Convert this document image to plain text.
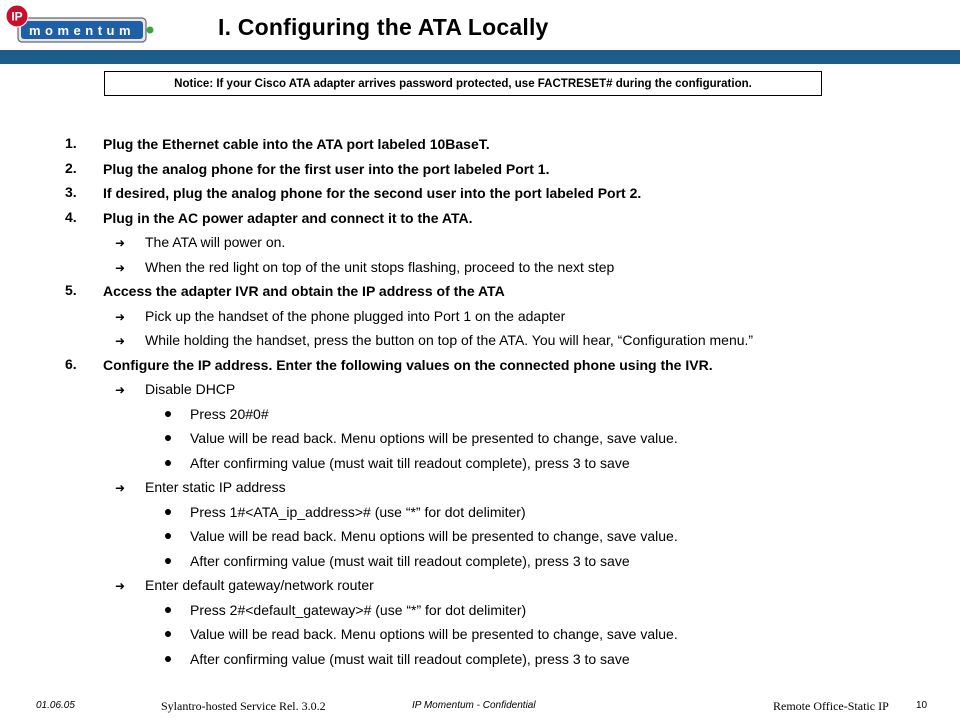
momentum
IP	I. Configuring the ATA Locally
Notice: If your Cisco ATA adapter arrives password protected, use FACTRESET# during the configuration.
1. Plug the Ethernet cable into the ATA port labeled 10BaseT.
2. Plug the analog phone for the first user into the port labeled Port 1.
3. If desired, plug the analog phone for the second user into the port labeled Port 2.
4. Plug in the AC power adapter and connect it to the ATA.
➜ The ATA will power on.
➜ When the red light on top of the unit stops flashing, proceed to the next step
5. Access the adapter IVR and obtain the IP address of the ATA
➜ Pick up the handset of the phone plugged into Port 1 on the adapter
➜ While holding the handset, press the button on top of the ATA. You will hear, “Configuration menu.”
6. Configure the IP address. Enter the following values on the connected phone using the IVR.
➜ Disable DHCP
Press 20#0#
Value will be read back. Menu options will be presented to change, save value.
After confirming value (must wait till readout complete), press 3 to save
➜ Enter static IP address
Press 1#<ATA_ip_address># (use “*” for dot delimiter)
Value will be read back. Menu options will be presented to change, save value.
After confirming value (must wait till readout complete), press 3 to save
➜ Enter default gateway/network router
Press 2#<default_gateway># (use “*” for dot delimiter)
Value will be read back. Menu options will be presented to change, save value.
After confirming value (must wait till readout complete), press 3 to save
01.06.05	Sylantro-hosted Service Rel. 3.0.2	IP Momentum - Confidential	Remote Office-Static IP	10
